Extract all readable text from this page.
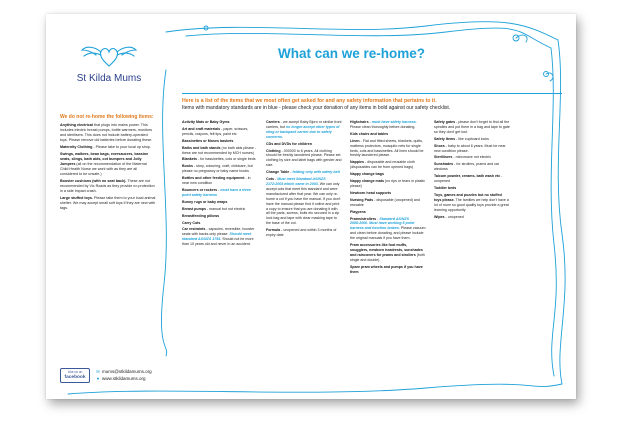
St Kilda Mums
What can we re-home?
Here is a list of the items that we most often get asked for and any safety information that pertains to it.
Items with mandatory standards are in blue - please check your donation of any items in bold against our safety checklist.
We do not re-home the following items:
Anything electrical that plugs into mains power. This includes electric breast pumps, bottle warmers, monitors and sterilisers. This does not include battery-operated toys. Please remove old batteries before donating these.
Maternity Clothing - Please take to your local op shop.
Swings, walkers, bean bags, exersaucers, bassine seats, slings, bath aids, cot bumpers and Jolly Jumpers (all on the recommendation of the Maternal Child Health Nurse we work with as they are all considered to be unsafe.)
Booster cushions (with no seat back). These are not recommended by Vic Roads as they provide no protection in a side impact crash.
Large stuffed toys. Please take them to your local animal shelter. We may accept small soft toys if they are new with tags.
Activity Mats or Baby Gyms
Art and craft materials - paper, scissors, pencils, crayons, felt tips, paint etc
Bassinettes or Moses baskets
Baths and bath stands (no bath aids please - these are not recommended by MCH nurses)
Blankets - for bassinettes, cots or single beds
Books - story, colouring, craft, childcare, but please no pregnancy or baby name books
Bottles and other feeding equipment - in near new condition
Bouncers or rockers - must have a three point safety harness
Bunny rugs or baby wraps
Breast pumps - manual but not electric
Breastfeeding pillows
Carry Cots
Car restraints - capsules, reversible, booster seats with backs only please. Should meet standard AS/NZS 1754. Should not be more than 10 years old and never in an accident.
Carriers - we accept Baby Bjorn or similar front carriers, but no longer accept other types of sling or backpack carrier due to safety concerns.
CDs and DVDs for children
Clothing - 000000 to 6 years. All clothing should be freshly laundered please. Please set clothing by size and label bags with gender and size.
Change Table - folding only with safety belt
Cots - Must meet Standard AS/NZS 2172:2003 which came in 2003. We can only accept cots that meet this standard and were manufactured after that year. We can only re-home a cot if you have the manual. If you don't have the manual please find it online and print a copy to ensure that you are donating it with all the parts, screws, bolts etc secured in a zip lock bag and tape with clear masking tape to the base of the cot.
Formula - unopened and within 3 months of expiry date
Highchairs - must have safety harness. Please clean thoroughly before donating.
Kids chairs and tables
Linen - Flat and fitted sheets, blankets, quilts, mattress protectors, mosquito nets for single beds, cots and bassinettes. All linen should be freshly laundered please.
Nappies - disposable and reusable cloth (disposables can be from opened bags)
Nappy change bags
Nappy change mats (no rips or tears in plastic please)
Newborn head supports
Nursing Pads - disposable (unopened) and reusable
Playpens
Prams/strollers - Standard AS/NZS 2088:2000. Must have working 5 point harness and function brakes. Please vacuum and clean before donating, and please include the original manuals if you have them.
Pram accessories like foot muffs, snugglers, newborn headrests, sunshades and raincovers for prams and strollers (both single and double).
Spare pram wheels and pumps if you have them
Safety gates - please don't forget to find all the spindles and put them in a bag and tape to gate so they don't get lost.
Safety Items - like cupboard locks
Shoes - baby to about 6 years. Must be near new condition please.
Steriliisers - microwave not electric
Sunshades - for strollers, prams and car windows
Talcum powder, creams, bath wash etc - unopened
Toddler beds
Toys, games and puzzles but no stuffed toys please. The families we help don't have a lot of room so good quality toys provide a great learning opportunity
Wipes - unopened
Like us on
facebook
✉ mums@stkildamums.org
● www.stkildamums.org
